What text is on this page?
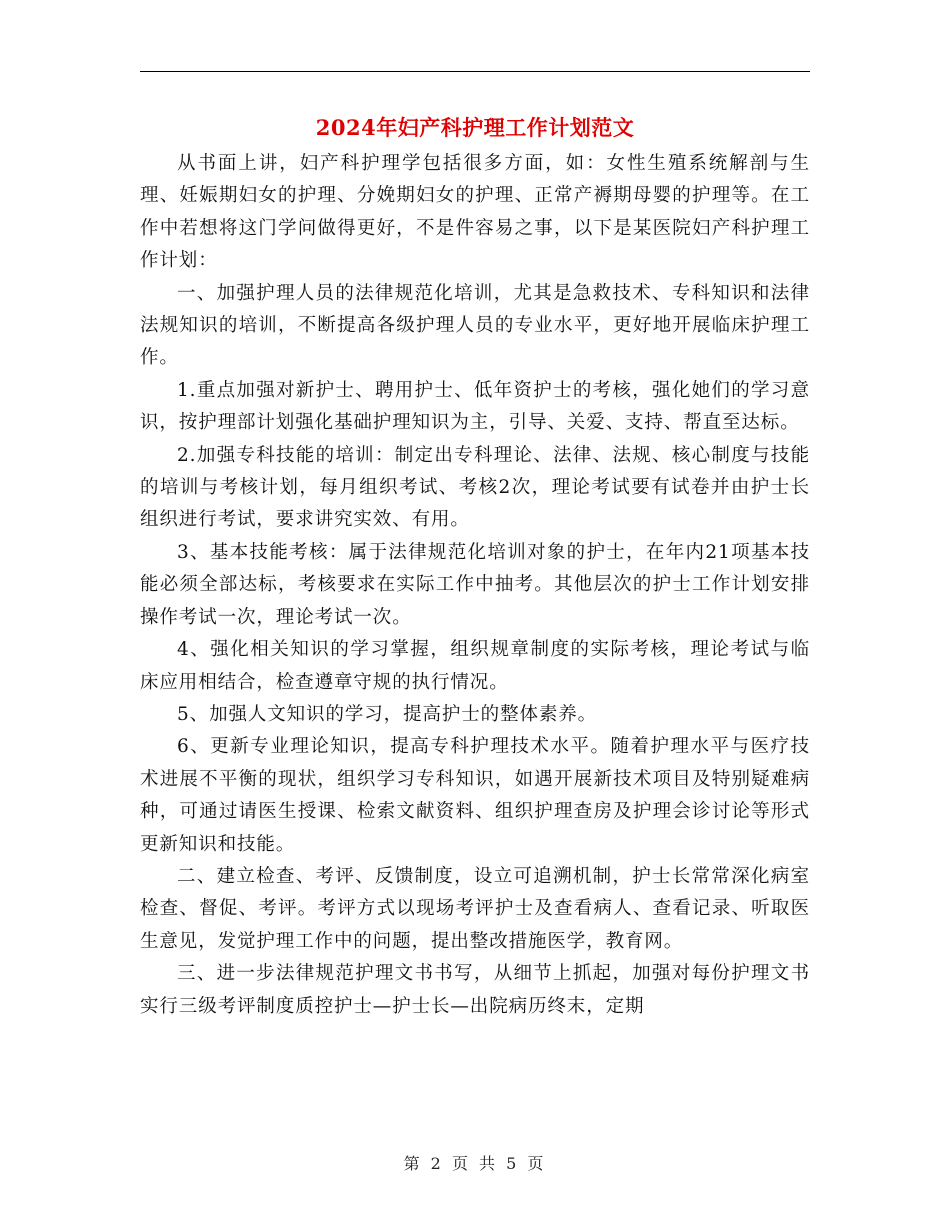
2024年妇产科护理工作计划范文

从书面上讲，妇产科护理学包括很多方面，如：女性生殖系统解剖与生理、妊娠期妇女的护理、分娩期妇女的护理、正常产褥期母婴的护理等。在工作中若想将这门学问做得更好，不是件容易之事，以下是某医院妇产科护理工作计划：

一、加强护理人员的法律规范化培训，尤其是急救技术、专科知识和法律法规知识的培训，不断提高各级护理人员的专业水平，更好地开展临床护理工作。

1.重点加强对新护士、聘用护士、低年资护士的考核，强化她们的学习意识，按护理部计划强化基础护理知识为主，引导、关爱、支持、帮直至达标。

2.加强专科技能的培训：制定出专科理论、法律、法规、核心制度与技能的培训与考核计划，每月组织考试、考核2次，理论考试要有试卷并由护士长组织进行考试，要求讲究实效、有用。

3、基本技能考核：属于法律规范化培训对象的护士，在年内21项基本技能必须全部达标，考核要求在实际工作中抽考。其他层次的护士工作计划安排操作考试一次，理论考试一次。

4、强化相关知识的学习掌握，组织规章制度的实际考核，理论考试与临床应用相结合，检查遵章守规的执行情况。

5、加强人文知识的学习，提高护士的整体素养。

6、更新专业理论知识，提高专科护理技术水平。随着护理水平与医疗技术进展不平衡的现状，组织学习专科知识，如遇开展新技术项目及特别疑难病种，可通过请医生授课、检索文献资料、组织护理查房及护理会诊讨论等形式更新知识和技能。

二、建立检查、考评、反馈制度，设立可追溯机制，护士长常常深化病室检查、督促、考评。考评方式以现场考评护士及查看病人、查看记录、听取医生意见，发觉护理工作中的问题，提出整改措施医学，教育网。

三、进一步法律规范护理文书书写，从细节上抓起，加强对每份护理文书实行三级考评制度质控护士—护士长—出院病历终末，定期

第 2 页 共 5 页
